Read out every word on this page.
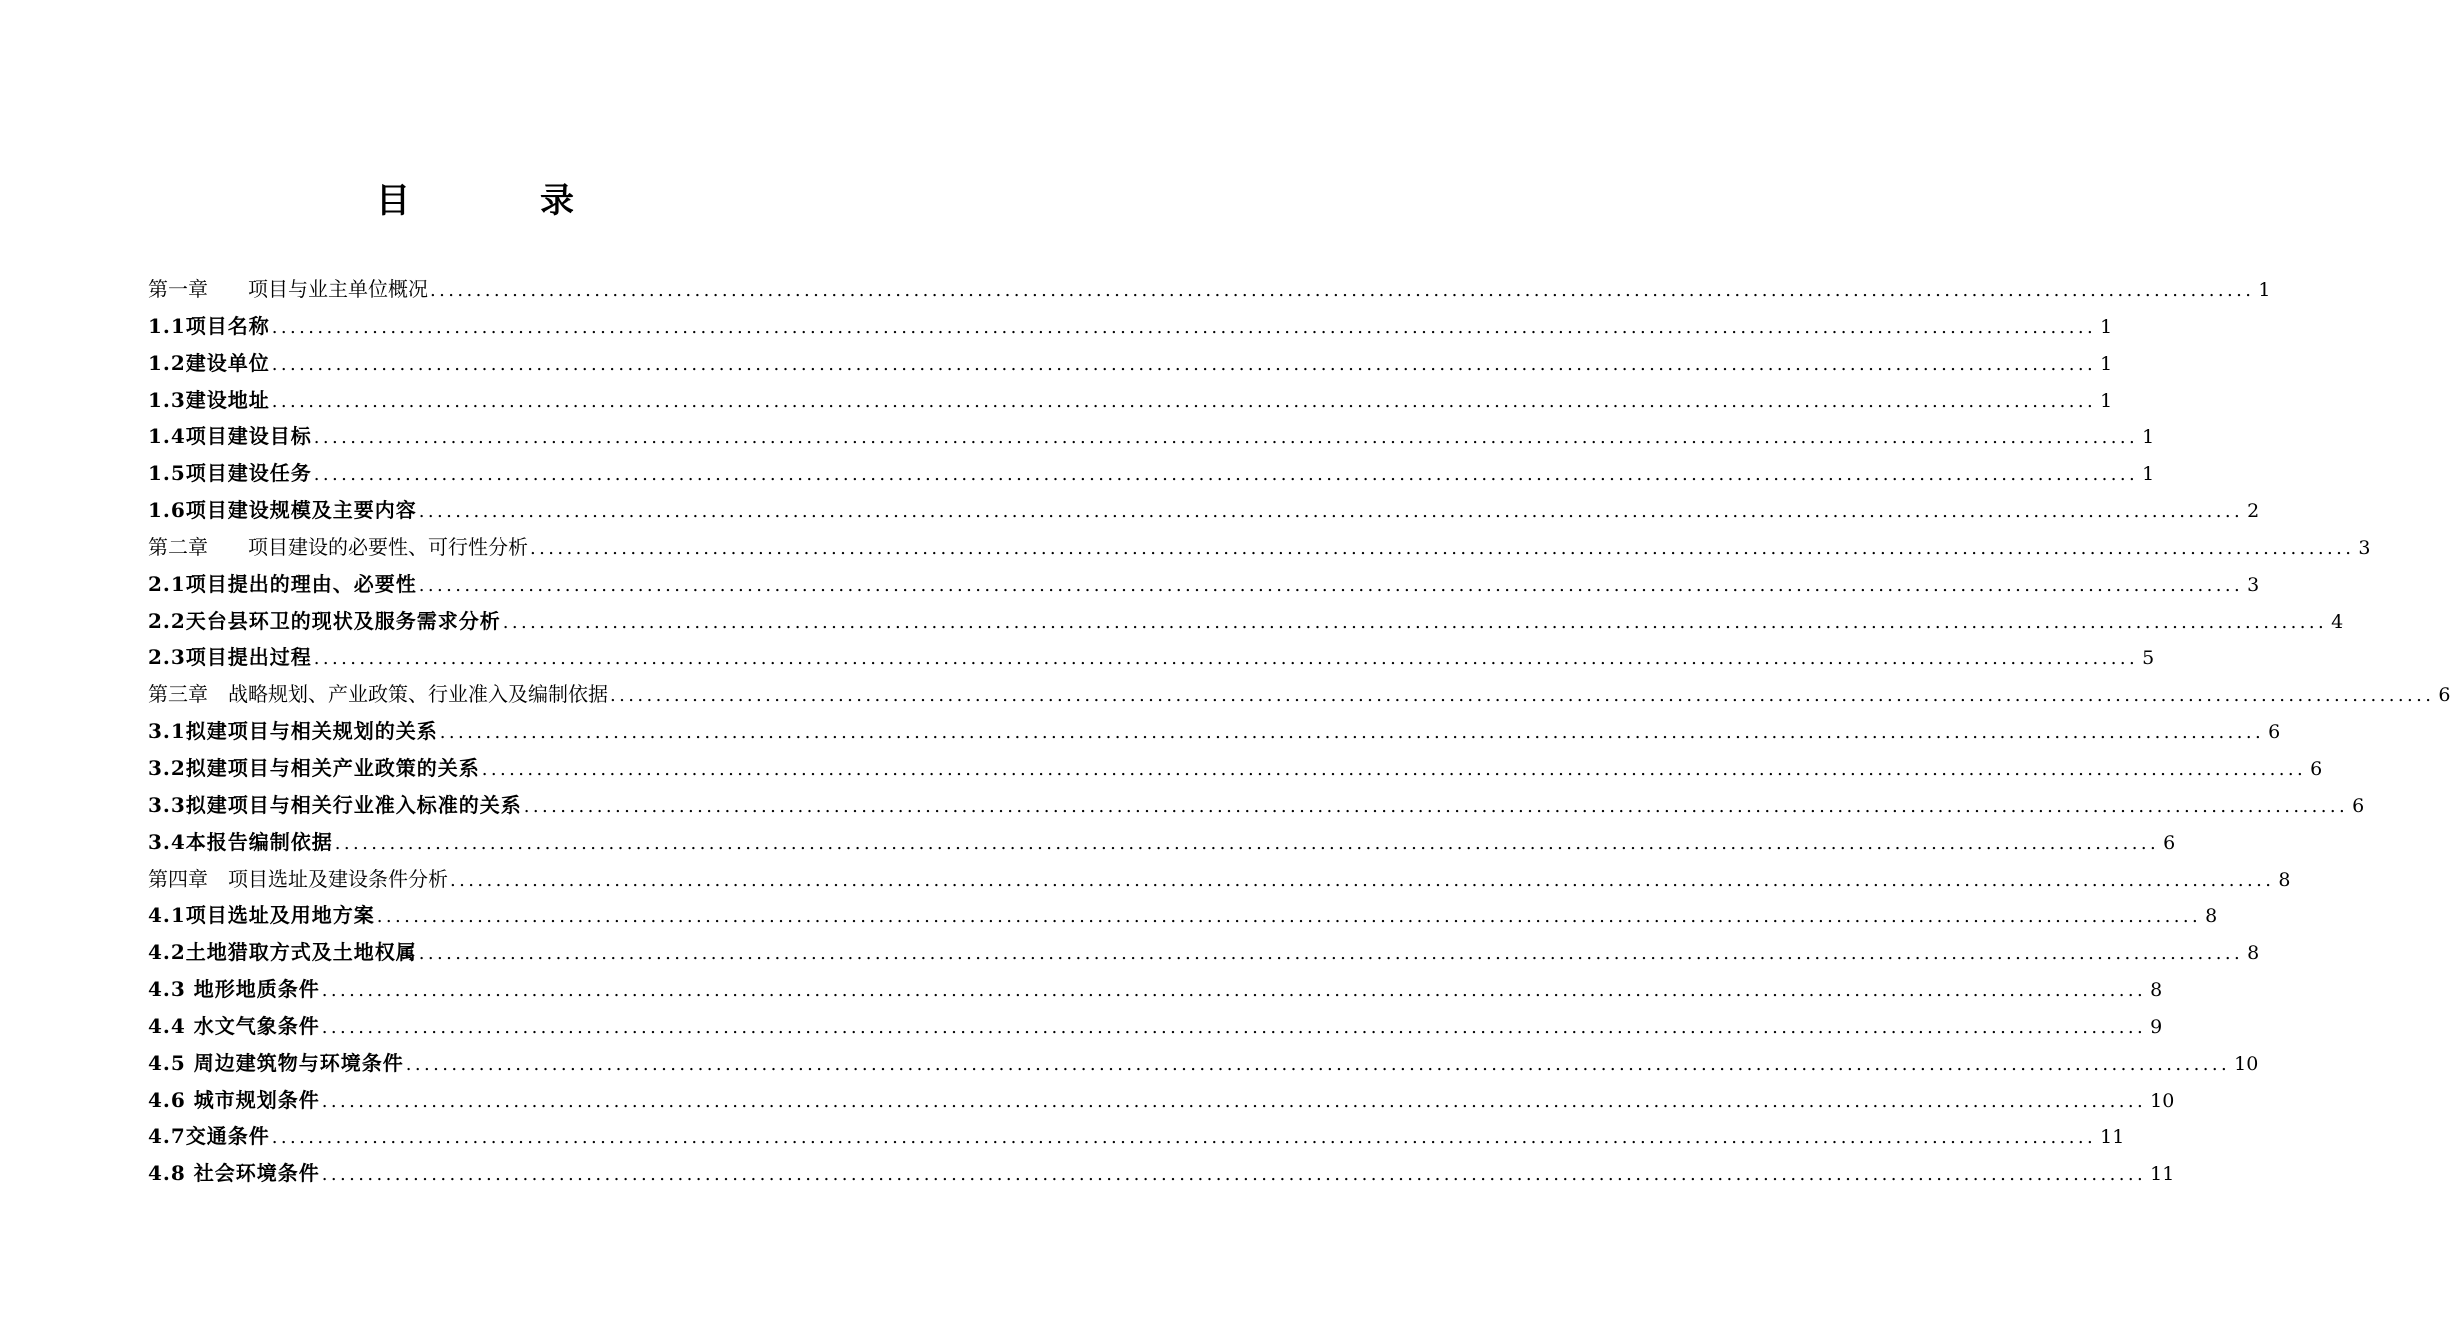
目　录
第一章　　项目与业主单位概况 ........................................................................................................................................................................................................ 1
1.1项目名称 ........................................................................................................................................................................................................ 1
1.2建设单位 ........................................................................................................................................................................................................ 1
1.3建设地址 ........................................................................................................................................................................................................ 1
1.4项目建设目标 ........................................................................................................................................................................................................ 1
1.5项目建设任务 ........................................................................................................................................................................................................ 1
1.6项目建设规模及主要内容 ........................................................................................................................................................................................................ 2
第二章　　项目建设的必要性、可行性分析 ........................................................................................................................................................................................................ 3
2.1项目提出的理由、必要性 ........................................................................................................................................................................................................ 3
2.2天台县环卫的现状及服务需求分析 ........................................................................................................................................................................................................ 4
2.3项目提出过程 ........................................................................................................................................................................................................ 5
第三章　战略规划、产业政策、行业准入及编制依据 ........................................................................................................................................................................................................ 6
3.1拟建项目与相关规划的关系 ........................................................................................................................................................................................................ 6
3.2拟建项目与相关产业政策的关系 ........................................................................................................................................................................................................ 6
3.3拟建项目与相关行业准入标准的关系 ........................................................................................................................................................................................................ 6
3.4本报告编制依据 ........................................................................................................................................................................................................ 6
第四章　项目选址及建设条件分析 ........................................................................................................................................................................................................ 8
4.1项目选址及用地方案 ........................................................................................................................................................................................................ 8
4.2土地猎取方式及土地权属 ........................................................................................................................................................................................................ 8
4.3 地形地质条件 ........................................................................................................................................................................................................ 8
4.4 水文气象条件 ........................................................................................................................................................................................................ 9
4.5 周边建筑物与环境条件 ........................................................................................................................................................................................................ 10
4.6 城市规划条件 ........................................................................................................................................................................................................ 10
4.7交通条件 ........................................................................................................................................................................................................ 11
4.8 社会环境条件 ........................................................................................................................................................................................................ 11
